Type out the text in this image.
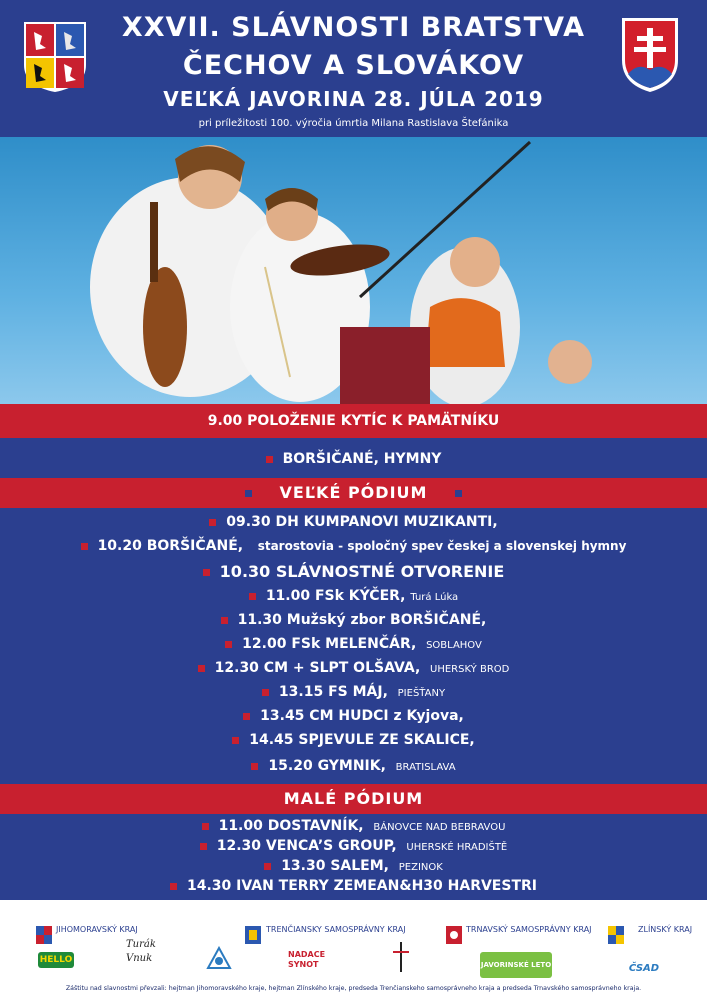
XXVII. SLÁVNOSTI BRATSTVA
ČECHOV A SLOVÁKOV
VEĽKÁ JAVORINA 28. JÚLA 2019
pri príležitosti 100. výročia úmrtia Milana Rastislava Štefánika
9.00 POLOŽENIE KYTÍC K PAMÄTNÍKU
BORŠIČANÉ, HYMNY
VEĽKÉ PÓDIUM
09.30 DH KUMPANOVI MUZIKANTI,
10.20 BORŠIČANÉ, starostovia - spoločný spev českej a slovenskej hymny
10.30 SLÁVNOSTNÉ OTVORENIE
11.00 FSk KÝČER, Turá Lúka
11.30 Mužský zbor BORŠIČANÉ,
12.00 FSk MELENČÁR, SOBLAHOV
12.30 CM + SLPT OLŠAVA, UHERSKÝ BROD
13.15 FS MÁJ, PIEŠŤANY
13.45 CM HUDCI z Kyjova,
14.45 SPJEVULE ZE SKALICE,
15.20 GYMNIK, BRATISLAVA
MALÉ PÓDIUM
11.00 DOSTAVNÍK, BÁNOVCE NAD BEBRAVOU
12.30 VENCA’S GROUP, UHERSKÉ HRADIŠTĚ
13.30 SALEM, PEZINOK
14.30 IVAN TERRY ZEMEAN&H30 HARVESTRI
JIHOMORAVSKÝ KRAJ
HELLO
Turák Vnuk
TRENČIANSKY SAMOSPRÁVNY KRAJ
NADACE SYNOT
TRNAVSKÝ SAMOSPRÁVNY KRAJ
JAVORINSKÉ LETO
ZLÍNSKÝ KRAJ
ČSAD
Záštitu nad slavnostmi převzali: hejtman Jihomoravského kraje, hejtman Zlínského kraje, predseda Trenčianskeho samosprávneho kraja a predseda Trnavského samosprávneho kraja.
